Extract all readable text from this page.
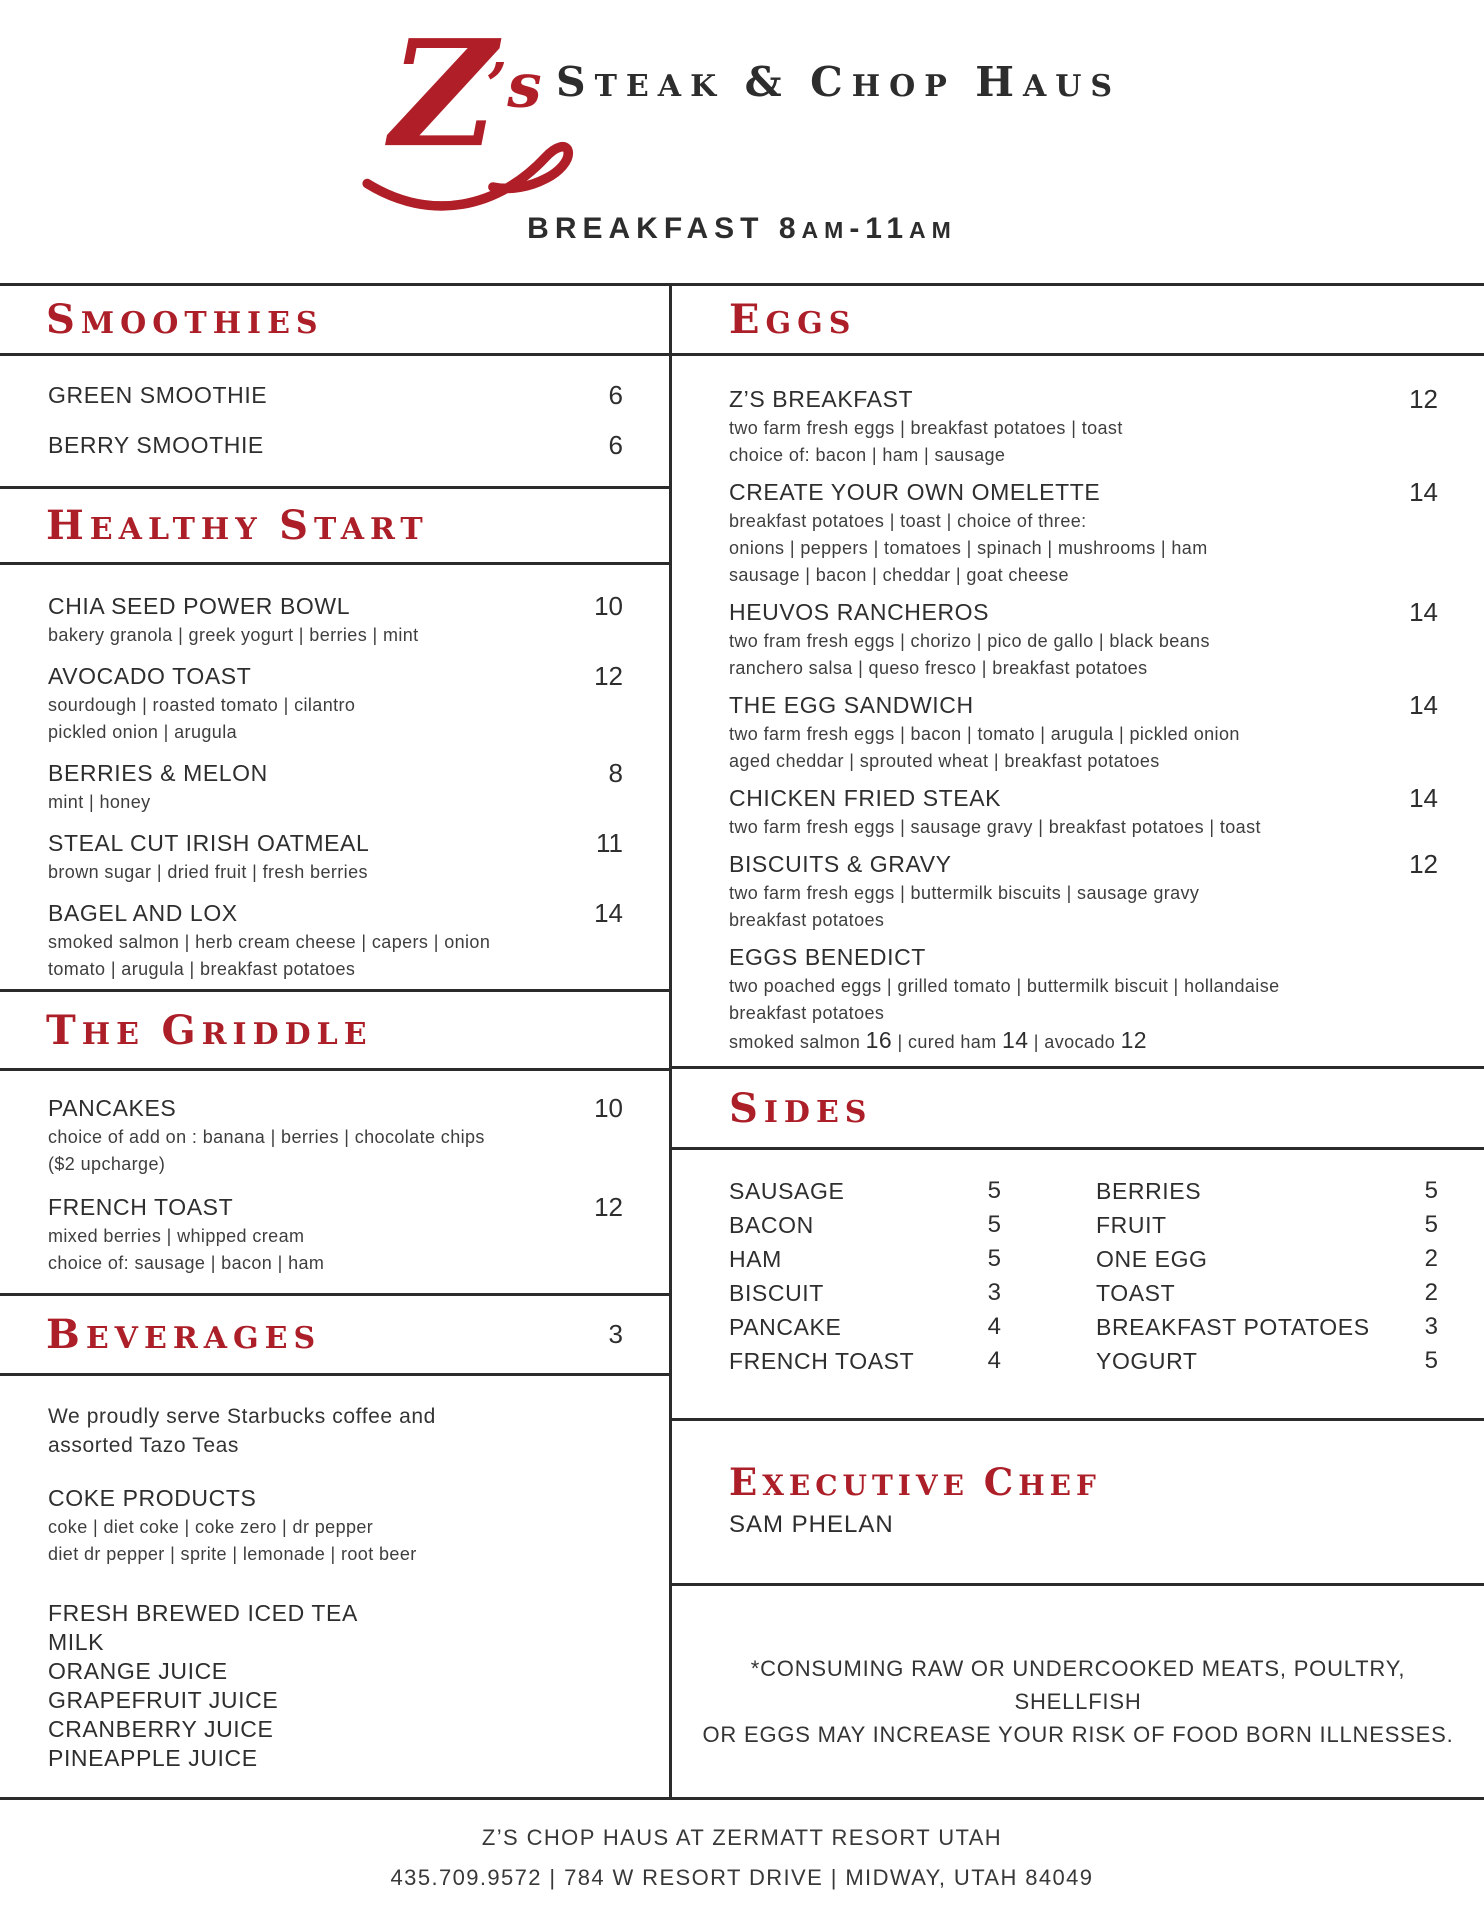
Z
’s STEAK & CHOP HAUS
BREAKFAST 8AM-11AM
SMOOTHIES
GREEN SMOOTHIE	6
BERRY SMOOTHIE	6
HEALTHY START
CHIA SEED POWER BOWL	10
bakery granola | greek yogurt | berries | mint
AVOCADO TOAST	12
sourdough | roasted tomato | cilantro
pickled onion | arugula
BERRIES & MELON	8
mint | honey
STEAL CUT IRISH OATMEAL	11
brown sugar | dried fruit | fresh berries
BAGEL AND LOX	14
smoked salmon | herb cream cheese | capers | onion
tomato | arugula | breakfast potatoes
THE GRIDDLE
PANCAKES	10
choice of add on : banana | berries | chocolate chips
($2 upcharge)
FRENCH TOAST	12
mixed berries | whipped cream
choice of: sausage | bacon | ham
BEVERAGES	3
We proudly serve Starbucks coffee and
assorted Tazo Teas
COKE PRODUCTS
coke | diet coke | coke zero | dr pepper
diet dr pepper | sprite | lemonade | root beer
FRESH BREWED ICED TEA
MILK
ORANGE JUICE
GRAPEFRUIT JUICE
CRANBERRY JUICE
PINEAPPLE JUICE
EGGS
Z’S BREAKFAST	12
two farm fresh eggs | breakfast potatoes | toast
choice of: bacon | ham | sausage
CREATE YOUR OWN OMELETTE	14
breakfast potatoes | toast | choice of three:
onions | peppers | tomatoes | spinach | mushrooms | ham
sausage | bacon | cheddar | goat cheese
HEUVOS RANCHEROS	14
two fram fresh eggs | chorizo | pico de gallo | black beans
ranchero salsa | queso fresco | breakfast potatoes
THE EGG SANDWICH	14
two farm fresh eggs | bacon | tomato | arugula | pickled onion
aged cheddar | sprouted wheat | breakfast potatoes
CHICKEN FRIED STEAK	14
two farm fresh eggs | sausage gravy | breakfast potatoes | toast
BISCUITS & GRAVY	12
two farm fresh eggs | buttermilk biscuits | sausage gravy
breakfast potatoes
EGGS BENEDICT
two poached eggs | grilled tomato | buttermilk biscuit | hollandaise
breakfast potatoes
smoked salmon 16 | cured ham 14 | avocado 12
SIDES
SAUSAGE	5
BACON	5
HAM	5
BISCUIT	3
PANCAKE	4
FRENCH TOAST	4
BERRIES	5
FRUIT	5
ONE EGG	2
TOAST	2
BREAKFAST POTATOES 3
YOGURT	5
EXECUTIVE CHEF
SAM PHELAN
*CONSUMING RAW OR UNDERCOOKED MEATS, POULTRY, SHELLFISH
OR EGGS MAY INCREASE YOUR RISK OF FOOD BORN ILLNESSES.
Z’S CHOP HAUS AT ZERMATT RESORT UTAH
435.709.9572 | 784 W RESORT DRIVE | MIDWAY, UTAH 84049
